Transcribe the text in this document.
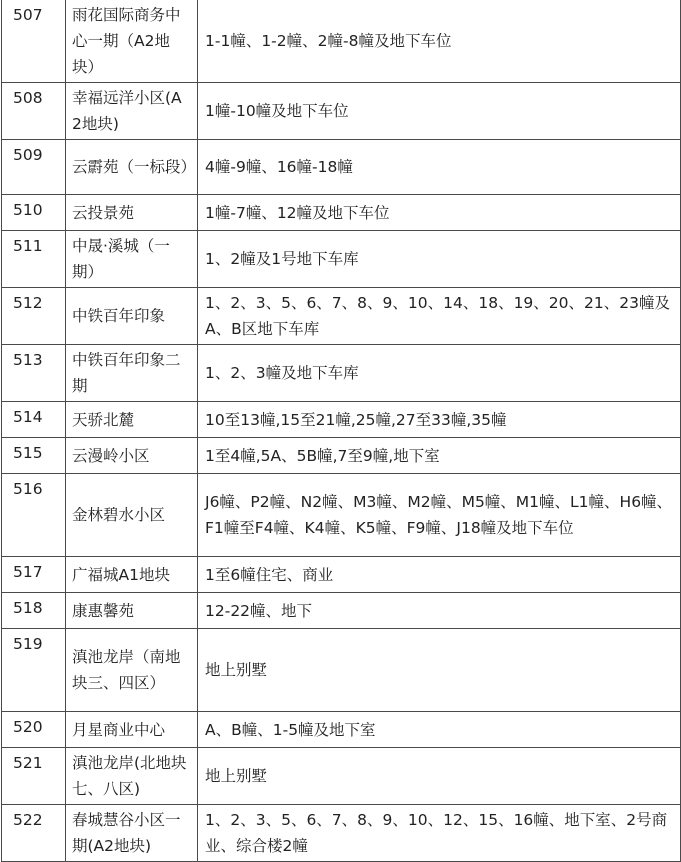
507	雨花国际商务中心一期（A2地块）	1-1幢、1-2幢、2幢-8幢及地下车位
508	幸福远洋小区(A2地块)	1幢-10幢及地下车位
509	云霨苑（一标段）	4幢-9幢、16幢-18幢
510	云投景苑	1幢-7幢、12幢及地下车位
511	中晟·溪城（一期）	1、2幢及1号地下车库
512	中铁百年印象	1、2、3、5、6、7、8、9、10、14、18、19、20、21、23幢及A、B区地下车库
513	中铁百年印象二期	1、2、3幢及地下车库
514	天骄北麓	10至13幢,15至21幢,25幢,27至33幢,35幢
515	云漫岭小区	1至4幢,5A、5B幢,7至9幢,地下室
516	金林碧水小区	J6幢、P2幢、N2幢、M3幢、M2幢、M5幢、M1幢、L1幢、H6幢、F1幢至F4幢、K4幢、K5幢、F9幢、J18幢及地下车位
517	广福城A1地块	1至6幢住宅、商业
518	康惠馨苑	12-22幢、地下
519	滇池龙岸（南地块三、四区）	地上别墅
520	月星商业中心	A、B幢、1-5幢及地下室
521	滇池龙岸(北地块七、八区)	地上别墅
522	春城慧谷小区一期(A2地块)	1、2、3、5、6、7、8、9、10、12、15、16幢、地下室、2号商业、综合楼2幢
